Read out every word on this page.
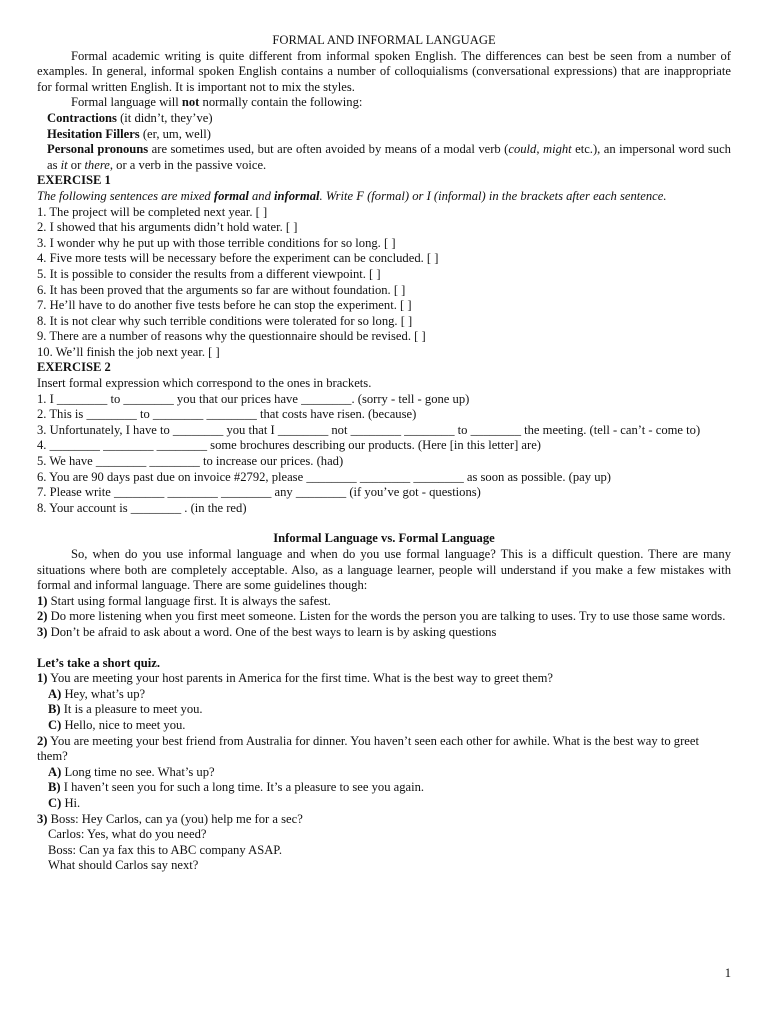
FORMAL AND INFORMAL LANGUAGE

Formal academic writing is quite different from informal spoken English. The differences can best be seen from a number of examples. In general, informal spoken English contains a number of colloquialisms (conversational expressions) that are inappropriate for formal written English. It is important not to mix the styles.

Formal language will not normally contain the following:

Contractions (it didn’t, they’ve)

Hesitation Fillers (er, um, well)

Personal pronouns are sometimes used, but are often avoided by means of a modal verb (could, might etc.), an impersonal word such as it or there, or a verb in the passive voice.

EXERCISE 1

The following sentences are mixed formal and informal. Write F (formal) or I (informal) in the brackets after each sentence.

1. The project will be completed next year. [ ]

2. I showed that his arguments didn’t hold water. [ ]

3. I wonder why he put up with those terrible conditions for so long. [ ]

4. Five more tests will be necessary before the experiment can be concluded. [ ]

5. It is possible to consider the results from a different viewpoint. [ ]

6. It has been proved that the arguments so far are without foundation. [ ]

7. He’ll have to do another five tests before he can stop the experiment. [ ]

8. It is not clear why such terrible conditions were tolerated for so long. [ ]

9. There are a number of reasons why the questionnaire should be revised. [ ]

10. We’ll finish the job next year. [ ]

EXERCISE 2

Insert formal expression which correspond to the ones in brackets.

1. I ________ to ________ you that our prices have ________. (sorry - tell - gone up)

2. This is ________ to ________ ________ that costs have risen. (because)

3. Unfortunately, I have to ________ you that I ________ not ________ ________ to ________ the meeting. (tell - can’t - come to)

4. ________ ________ ________ some brochures describing our products. (Here [in this letter] are)

5. We have ________ ________ to increase our prices. (had)

6. You are 90 days past due on invoice #2792, please ________ ________ ________ as soon as possible. (pay up)

7. Please write ________ ________ ________ any ________ (if you’ve got - questions)

8. Your account is ________ . (in the red)

Informal Language vs. Formal Language

So, when do you use informal language and when do you use formal language? This is a difficult question. There are many situations where both are completely acceptable. Also, as a language learner, people will understand if you make a few mistakes with formal and informal language. There are some guidelines though:

1) Start using formal language first. It is always the safest.

2) Do more listening when you first meet someone. Listen for the words the person you are talking to uses. Try to use those same words.

3) Don’t be afraid to ask about a word. One of the best ways to learn is by asking questions

Let’s take a short quiz.

1) You are meeting your host parents in America for the first time. What is the best way to greet them?

A) Hey, what’s up?

B) It is a pleasure to meet you.

C) Hello, nice to meet you.

2) You are meeting your best friend from Australia for dinner. You haven’t seen each other for awhile. What is the best way to greet them?

A) Long time no see. What’s up?

B) I haven’t seen you for such a long time. It’s a pleasure to see you again.

C) Hi.

3) Boss: Hey Carlos, can ya (you) help me for a sec?

Carlos: Yes, what do you need?

Boss: Can ya fax this to ABC company ASAP.

What should Carlos say next?

1
